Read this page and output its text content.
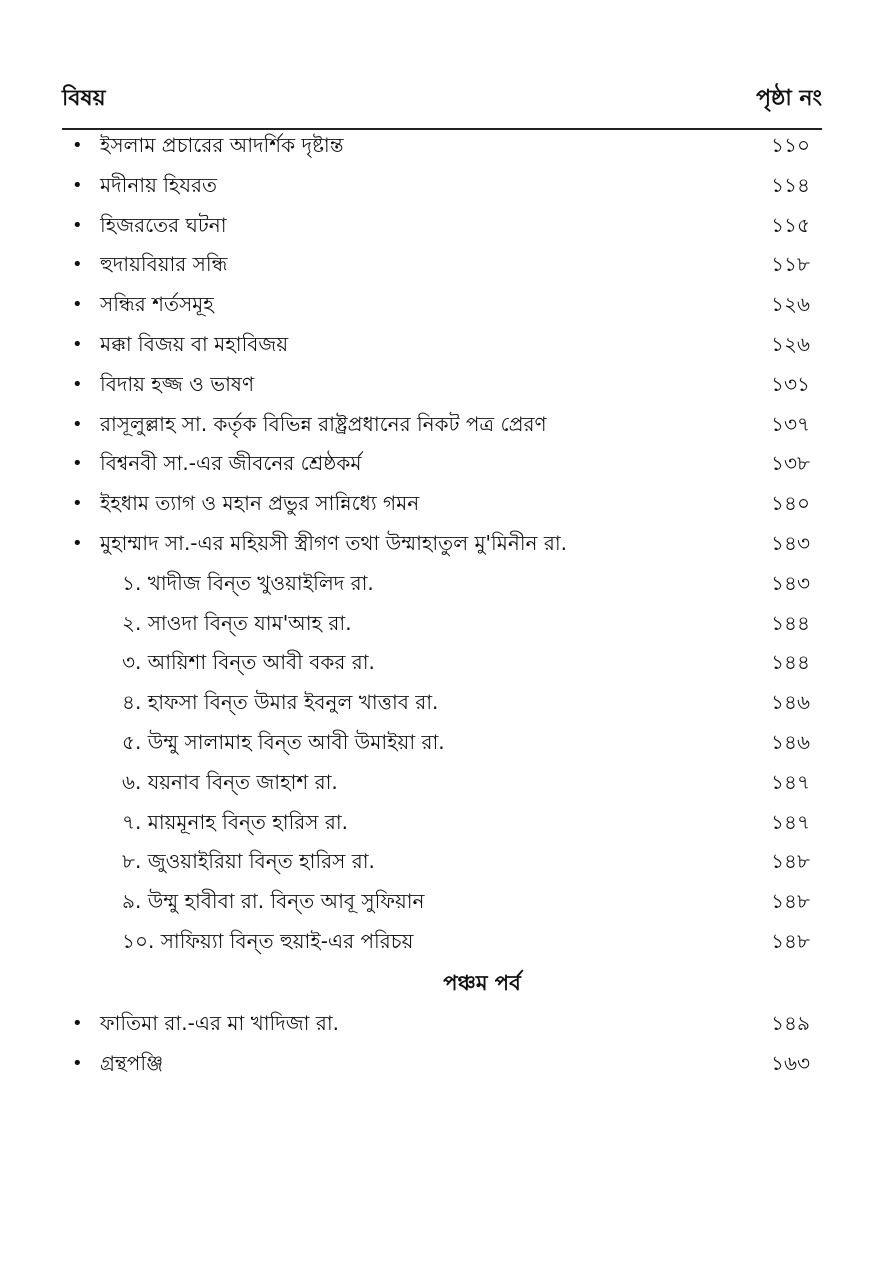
বিষয়	পৃষ্ঠা নং
• ইসলাম প্রচারের আদর্শিক দৃষ্টান্ত	১১০
• মদীনায় হিযরত	১১৪
• হিজরতের ঘটনা	১১৫
• হুদায়বিয়ার সন্ধি	১১৮
• সন্ধির শর্তসমূহ	১২৬
• মক্কা বিজয় বা মহাবিজয়	১২৬
• বিদায় হজ্জ ও ভাষণ	১৩১
• রাসূলুল্লাহ সা. কর্তৃক বিভিন্ন রাষ্ট্রপ্রধানের নিকট পত্র প্রেরণ	১৩৭
• বিশ্বনবী সা.-এর জীবনের শ্রেষ্ঠকর্ম	১৩৮
• ইহধাম ত্যাগ ও মহান প্রভুর সান্নিধ্যে গমন	১৪০
• মুহাম্মাদ সা.-এর মহিয়সী স্ত্রীগণ তথা উম্মাহাতুল মু'মিনীন রা.	১৪৩
১. খাদীজ বিন্‌ত খুওয়াইলিদ রা.	১৪৩
২. সাওদা বিন্‌ত যাম'আহ রা.	১৪৪
৩. আয়িশা বিন্‌ত আবী বকর রা.	১৪৪
৪. হাফসা বিন্‌ত উমার ইবনুল খাত্তাব রা.	১৪৬
৫. উম্মু সালামাহ বিন্‌ত আবী উমাইয়া রা.	১৪৬
৬. যয়নাব বিন্‌ত জাহাশ রা.	১৪৭
৭. মায়মূনাহ বিন্‌ত হারিস রা.	১৪৭
৮. জুওয়াইরিয়া বিন্‌ত হারিস রা.	১৪৮
৯. উম্মু হাবীবা রা. বিন্‌ত আবূ সুফিয়ান	১৪৮
১০. সাফিয়্যা বিন্‌ত হুয়াই-এর পরিচয়	১৪৮
পঞ্চম পর্ব
• ফাতিমা রা.-এর মা খাদিজা রা.	১৪৯
• গ্রন্থপঞ্জি	১৬৩
